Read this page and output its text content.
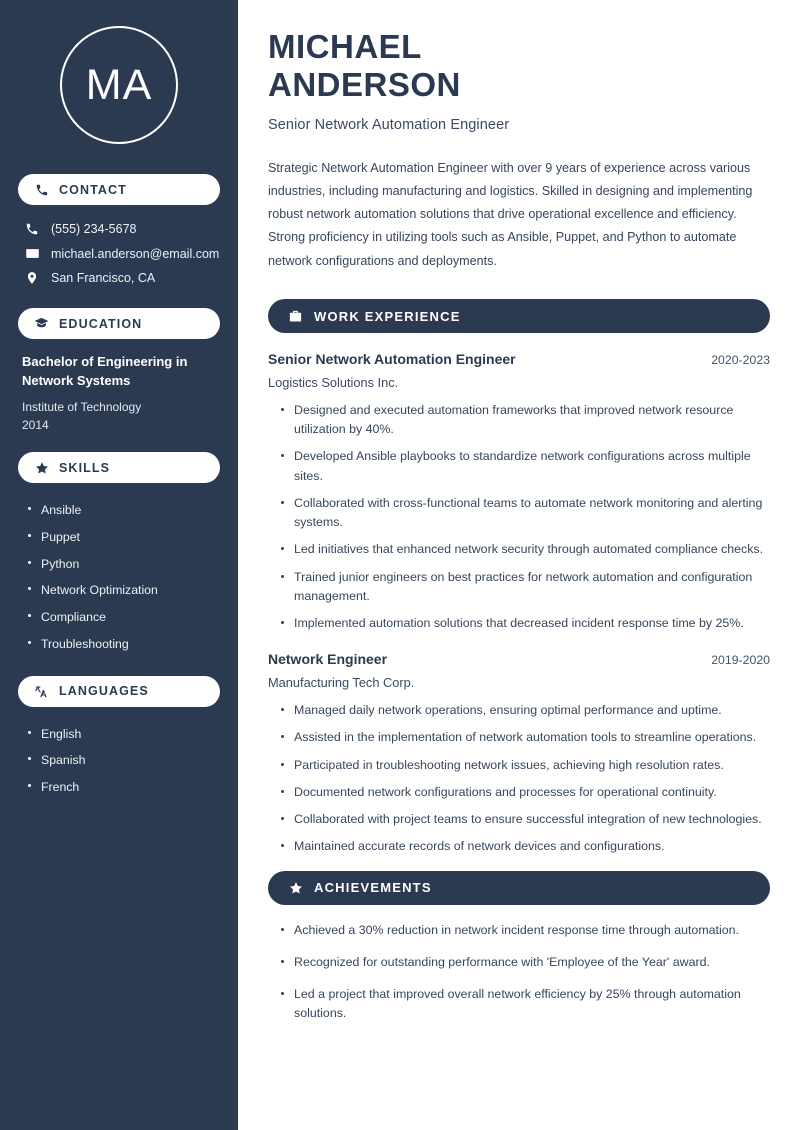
MA
CONTACT
(555) 234-5678
michael.anderson@email.com
San Francisco, CA
EDUCATION
Bachelor of Engineering in Network Systems
Institute of Technology
2014
SKILLS
Ansible
Puppet
Python
Network Optimization
Compliance
Troubleshooting
LANGUAGES
English
Spanish
French
MICHAEL
ANDERSON
Senior Network Automation Engineer

Strategic Network Automation Engineer with over 9 years of experience across various industries, including manufacturing and logistics. Skilled in designing and implementing robust network automation solutions that drive operational excellence and efficiency. Strong proficiency in utilizing tools such as Ansible, Puppet, and Python to automate network configurations and deployments.

WORK EXPERIENCE
Senior Network Automation Engineer	2020-2023
Logistics Solutions Inc.
Designed and executed automation frameworks that improved network resource utilization by 40%.
Developed Ansible playbooks to standardize network configurations across multiple sites.
Collaborated with cross-functional teams to automate network monitoring and alerting systems.
Led initiatives that enhanced network security through automated compliance checks.
Trained junior engineers on best practices for network automation and configuration management.
Implemented automation solutions that decreased incident response time by 25%.
Network Engineer	2019-2020
Manufacturing Tech Corp.
Managed daily network operations, ensuring optimal performance and uptime.
Assisted in the implementation of network automation tools to streamline operations.
Participated in troubleshooting network issues, achieving high resolution rates.
Documented network configurations and processes for operational continuity.
Collaborated with project teams to ensure successful integration of new technologies.
Maintained accurate records of network devices and configurations.
ACHIEVEMENTS
Achieved a 30% reduction in network incident response time through automation.
Recognized for outstanding performance with 'Employee of the Year' award.
Led a project that improved overall network efficiency by 25% through automation solutions.
